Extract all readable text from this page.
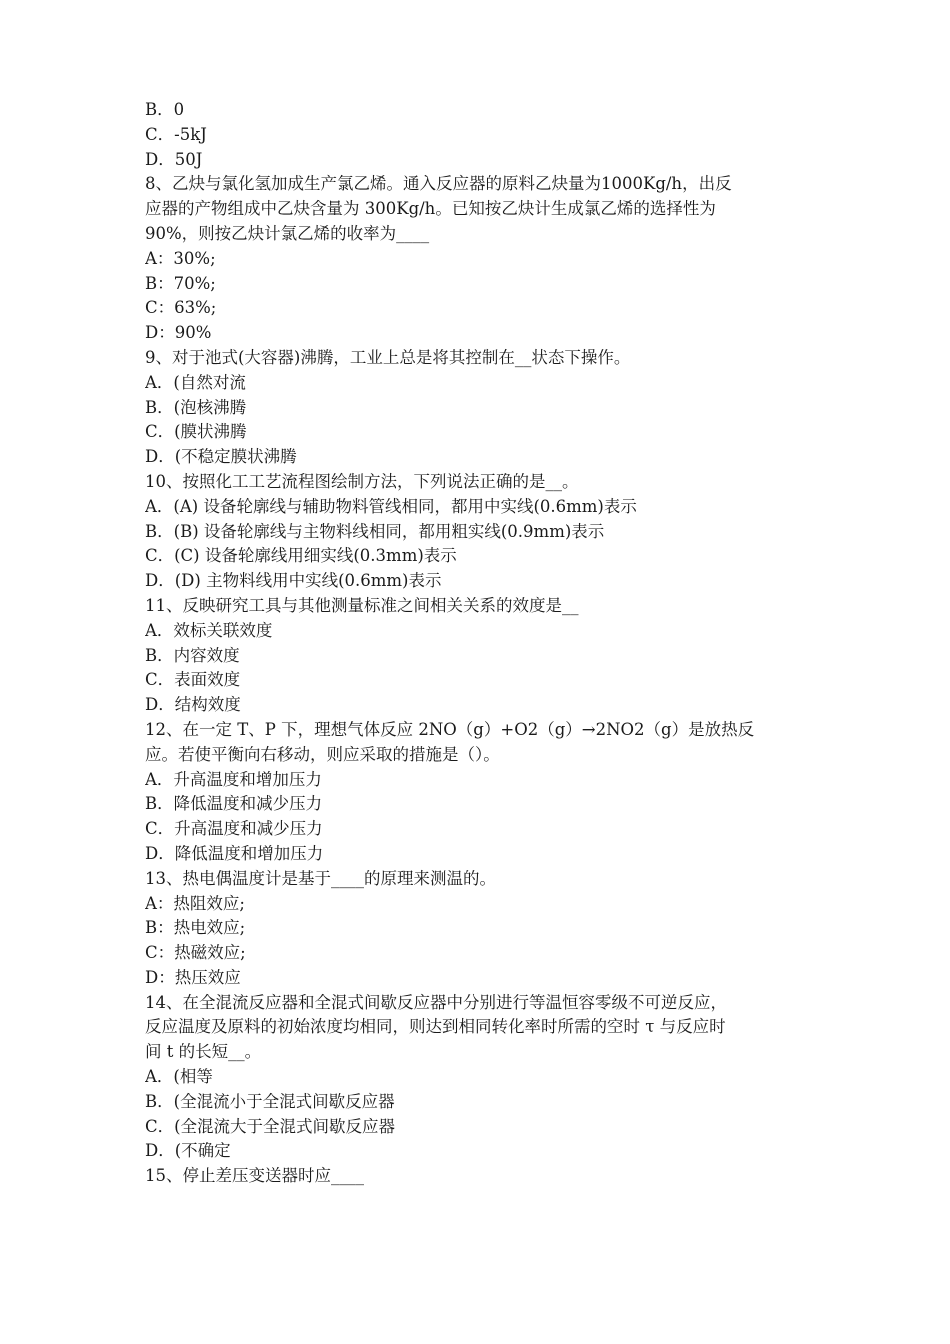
B．0
C．-5kJ
D．50J
8、乙炔与氯化氢加成生产氯乙烯。通入反应器的原料乙炔量为1000Kg/h，出反
应器的产物组成中乙炔含量为 300Kg/h。已知按乙炔计生成氯乙烯的选择性为
90%，则按乙炔计氯乙烯的收率为____
A：30%;
B：70%;
C：63%;
D：90%
9、对于池式(大容器)沸腾，工业上总是将其控制在__状态下操作。
A．(自然对流
B．(泡核沸腾
C．(膜状沸腾
D．(不稳定膜状沸腾
10、按照化工工艺流程图绘制方法，下列说法正确的是__。
A．(A) 设备轮廓线与辅助物料管线相同，都用中实线(0.6mm)表示
B．(B) 设备轮廓线与主物料线相同，都用粗实线(0.9mm)表示
C．(C) 设备轮廓线用细实线(0.3mm)表示
D．(D) 主物料线用中实线(0.6mm)表示
11、反映研究工具与其他测量标准之间相关关系的效度是__
A．效标关联效度
B．内容效度
C．表面效度
D．结构效度
12、在一定 T、P 下，理想气体反应 2NO（g）+O2（g）→2NO2（g）是放热反
应。若使平衡向右移动，则应采取的措施是（）。
A．升高温度和增加压力
B．降低温度和减少压力
C．升高温度和减少压力
D．降低温度和增加压力
13、热电偶温度计是基于____的原理来测温的。
A：热阻效应;
B：热电效应;
C：热磁效应;
D：热压效应
14、在全混流反应器和全混式间歇反应器中分别进行等温恒容零级不可逆反应，
反应温度及原料的初始浓度均相同，则达到相同转化率时所需的空时 τ 与反应时
间 t 的长短__。
A．(相等
B．(全混流小于全混式间歇反应器
C．(全混流大于全混式间歇反应器
D．(不确定
15、停止差压变送器时应____
